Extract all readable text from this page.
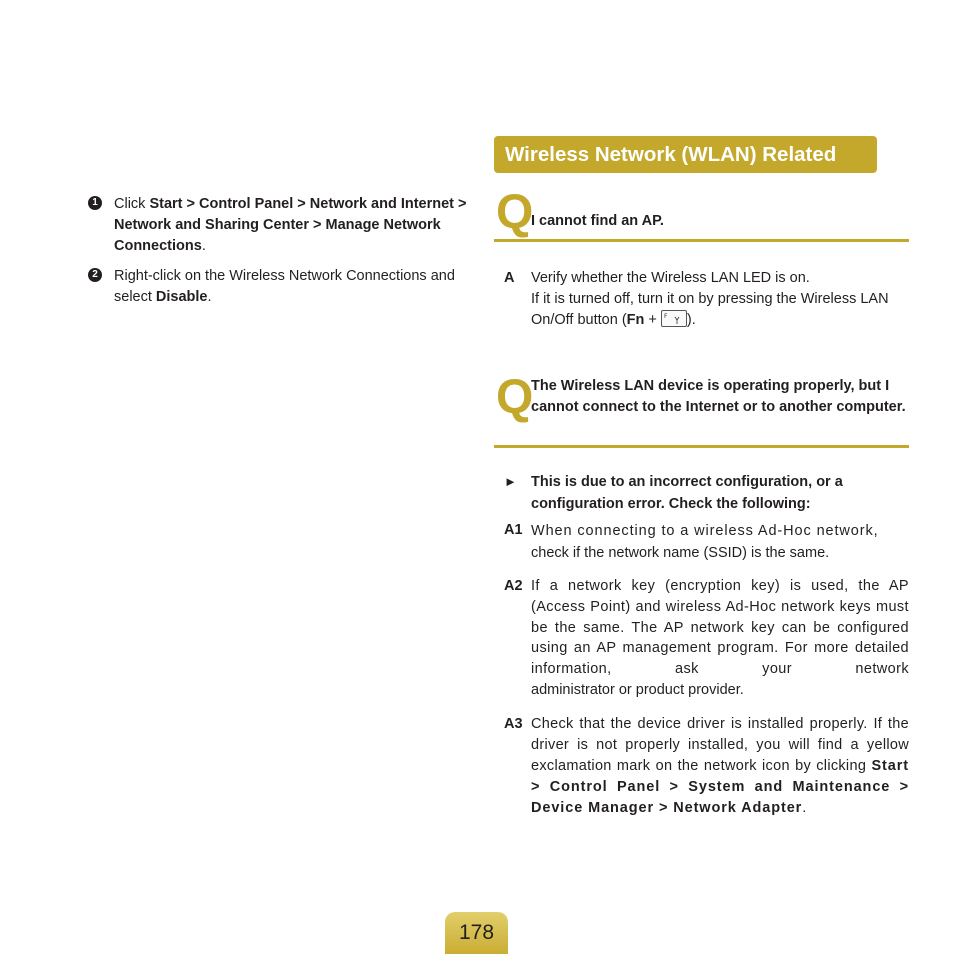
1 Click Start > Control Panel > Network and Internet > Network and Sharing Center > Manage Network Connections.
2 Right-click on the Wireless Network Connections and select Disable.
Wireless Network (WLAN) Related
Q
I cannot find an AP.
A Verify whether the Wireless LAN LED is on.
If it is turned off, turn it on by pressing the Wireless LAN On/Off button (Fn + F ).
Q
The Wireless LAN device is operating properly, but I cannot connect to the Internet or to another computer.
► This is due to an incorrect configuration, or a configuration error. Check the following:
A1 When connecting to a wireless Ad-Hoc network,
check if the network name (SSID) is the same.
A2 If a network key (encryption key) is used, the AP (Access Point) and wireless Ad-Hoc network keys must be the same. The AP network key can be configured using an AP management program. For more detailed information, ask your network
administrator or product provider.
A3 Check that the device driver is installed properly. If the driver is not properly installed, you will find a yellow exclamation mark on the network icon by clicking Start > Control Panel > System and Maintenance > Device Manager > Network Adapter.
178
